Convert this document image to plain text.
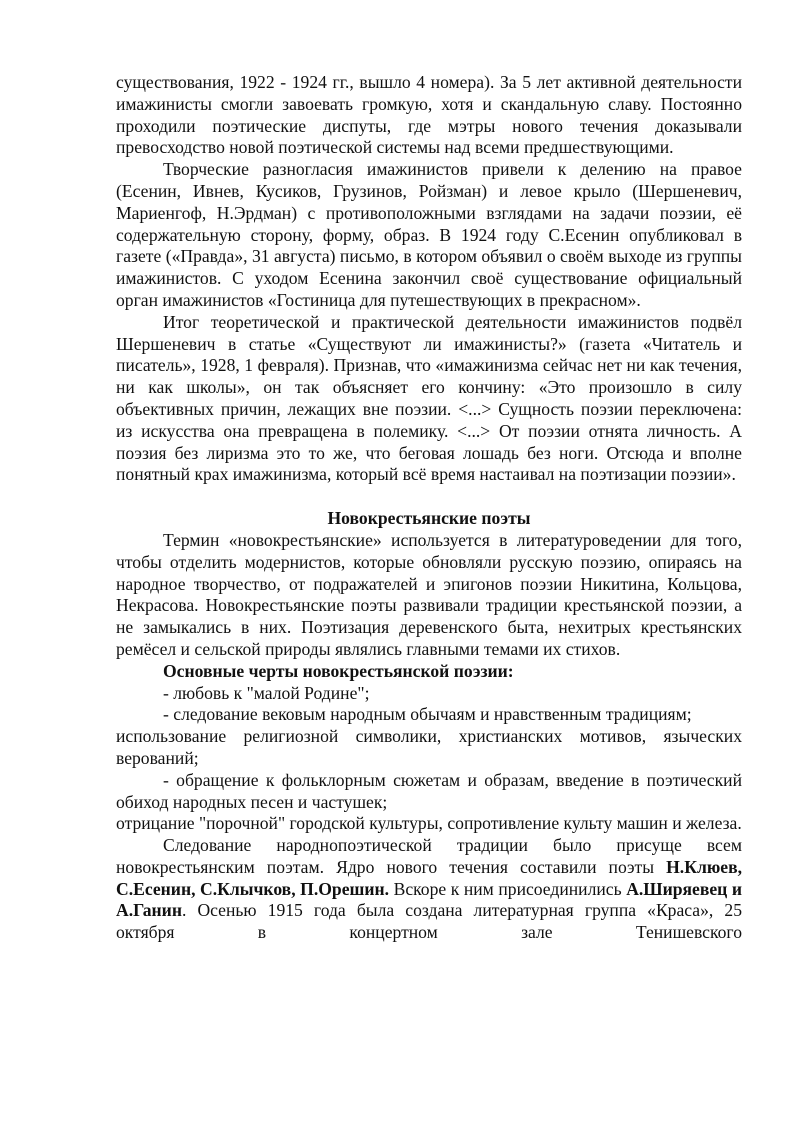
существования, 1922 - 1924 гг., вышло 4 номера). За 5 лет активной деятельности имажинисты смогли завоевать громкую, хотя и скандальную славу. Постоянно проходили поэтические диспуты, где мэтры нового течения доказывали превосходство новой поэтической системы над всеми предшествующими.

Творческие разногласия имажинистов привели к делению на правое (Есенин, Ивнев, Кусиков, Грузинов, Ройзман) и левое крыло (Шершеневич, Мариенгоф, Н.Эрдман) с противоположными взглядами на задачи поэзии, её содержательную сторону, форму, образ. В 1924 году С.Есенин опубликовал в газете («Правда», 31 августа) письмо, в котором объявил о своём выходе из группы имажинистов. С уходом Есенина закончил своё существование официальный орган имажинистов «Гостиница для путешествующих в прекрасном».

Итог теоретической и практической деятельности имажинистов подвёл Шершеневич в статье «Существуют ли имажинисты?» (газета «Читатель и писатель», 1928, 1 февраля). Признав, что «имажинизма сейчас нет ни как течения, ни как школы», он так объясняет его кончину: «Это произошло в силу объективных причин, лежащих вне поэзии. <...> Сущность поэзии переключена: из искусства она превращена в полемику. <...> От поэзии отнята личность. А поэзия без лиризма это то же, что беговая лошадь без ноги. Отсюда и вполне понятный крах имажинизма, который всё время настаивал на поэтизации поэзии».

Новокрестьянские поэты

Термин «новокрестьянские» используется в литературоведении для того, чтобы отделить модернистов, которые обновляли русскую поэзию, опираясь на народное творчество, от подражателей и эпигонов поэзии Никитина, Кольцова, Некрасова. Новокрестьянские поэты развивали традиции крестьянской поэзии, а не замыкались в них. Поэтизация деревенского быта, нехитрых крестьянских ремёсел и сельской природы являлись главными темами их стихов.

Основные черты новокрестьянской поэзии:

- любовь к "малой Родине";

- следование вековым народным обычаям и нравственным традициям;

использование религиозной символики, христианских мотивов, языческих верований;

- обращение к фольклорным сюжетам и образам, введение в поэтический обиход народных песен и частушек;

отрицание "порочной" городской культуры, сопротивление культу машин и железа.

Следование народнопоэтической традиции было присуще всем новокрестьянским поэтам. Ядро нового течения составили поэты Н.Клюев, С.Есенин, С.Клычков, П.Орешин. Вскоре к ним присоединились А.Ширяевец и А.Ганин. Осенью 1915 года была создана литературная группа «Краса», 25 октября в концертном зале Тенишевского
